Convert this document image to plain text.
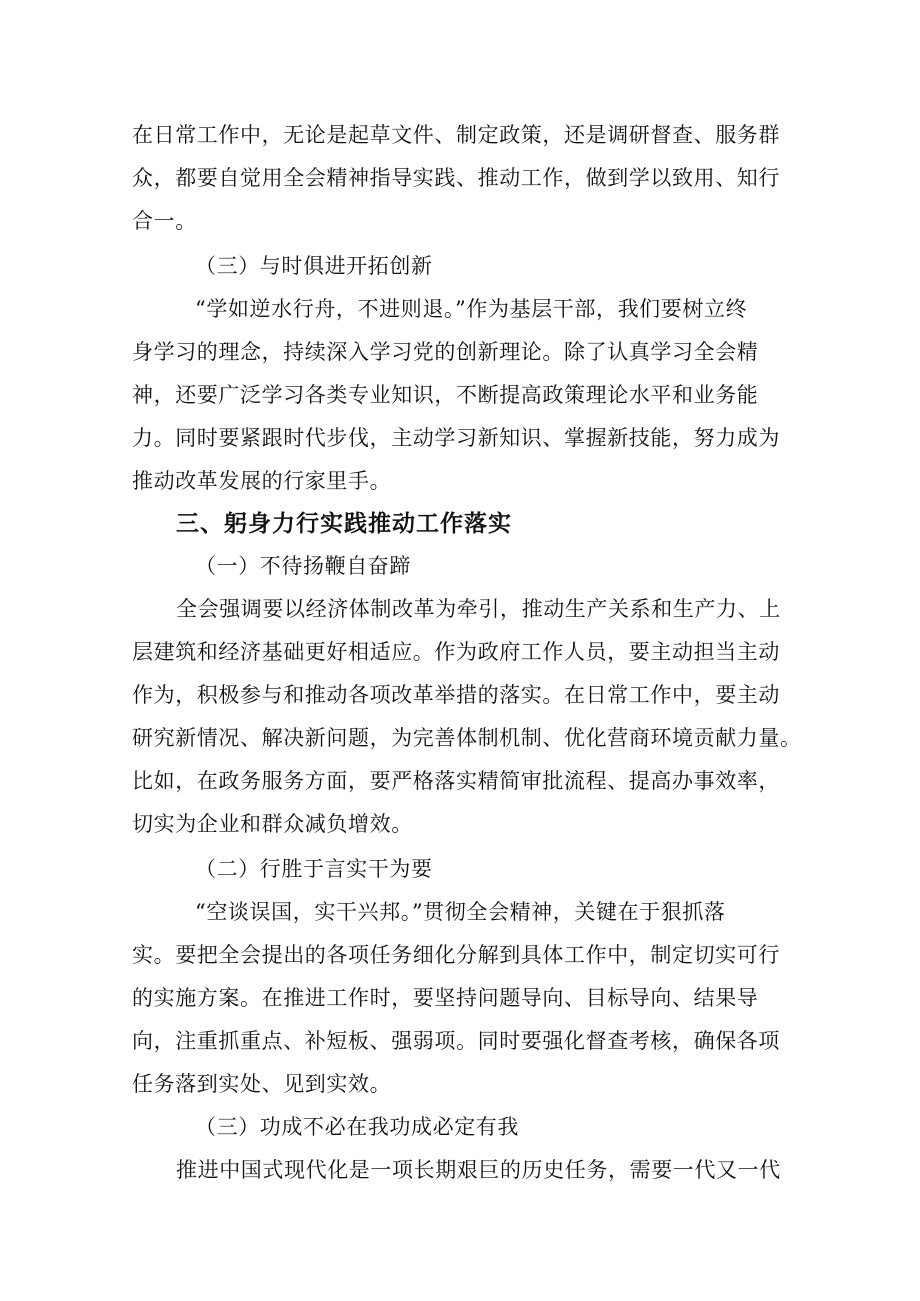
在日常工作中，无论是起草文件、制定政策，还是调研督查、服务群
众，都要自觉用全会精神指导实践、推动工作，做到学以致用、知行
合一。
（三）与时俱进开拓创新
“学如逆水行舟，不进则退。”作为基层干部，我们要树立终
身学习的理念，持续深入学习党的创新理论。除了认真学习全会精
神，还要广泛学习各类专业知识，不断提高政策理论水平和业务能
力。同时要紧跟时代步伐，主动学习新知识、掌握新技能，努力成为
推动改革发展的行家里手。
三、躬身力行实践推动工作落实
（一）不待扬鞭自奋蹄
全会强调要以经济体制改革为牵引，推动生产关系和生产力、上
层建筑和经济基础更好相适应。作为政府工作人员，要主动担当主动
作为，积极参与和推动各项改革举措的落实。在日常工作中，要主动
研究新情况、解决新问题，为完善体制机制、优化营商环境贡献力量。
比如，在政务服务方面，要严格落实精简审批流程、提高办事效率，
切实为企业和群众减负增效。
（二）行胜于言实干为要
“空谈误国，实干兴邦。”贯彻全会精神，关键在于狠抓落
实。要把全会提出的各项任务细化分解到具体工作中，制定切实可行
的实施方案。在推进工作时，要坚持问题导向、目标导向、结果导
向，注重抓重点、补短板、强弱项。同时要强化督查考核，确保各项
任务落到实处、见到实效。
（三）功成不必在我功成必定有我
推进中国式现代化是一项长期艰巨的历史任务，需要一代又一代
